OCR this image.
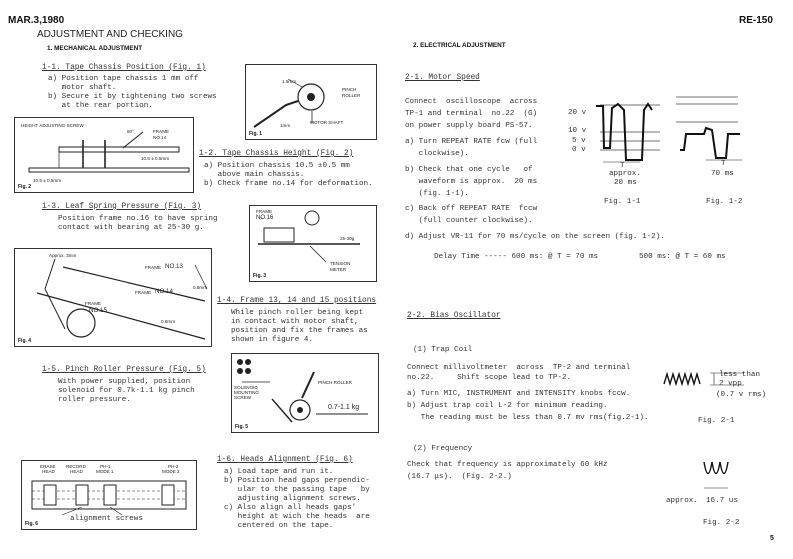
MAR.3,1980	RE-150
5
ADJUSTMENT AND CHECKING
1. MECHANICAL ADJUSTMENT
1-1. Tape Chassis Position (Fig. 1)
a) Position tape chassis 1 mm off
motor shaft.
b) Secure it by tightening two screws
at the rear portion.
1.5mm
PINCH
ROLLER
1mm
MOTOR SHAFT
Fig. 1
HEIGHT ADJUSTING SCREW
FRAME
NO.14
80°
10.5 ± 0.5mm
10.5 ± 0.5mm
Fig. 2
1-2. Tape Chassis Height (Fig. 2)
a) Position chassis 10.5 ±0.5 mm
above main chassis.
b) Check frame no.14 for deformation.
1-3. Leaf Spring Pressure (Fig. 3)
Position frame no.16 to have spring
contact with bearing at 25-30 g.
FRAME
NO.16
25-30g
TENSION
METER
Fig. 3
Approx. 3mm
FRAME NO.13
FRAME NO.14
FRAME
NO.15
0.8mm
0.8mm
Fig. 4
1-4. Frame 13, 14 and 15 positions
While pinch roller being kept
in contact with motor shaft,
position and fix the frames as
shown in figure 4.
1-5. Pinch Roller Pressure (Fig. 5)
With power supplied, position
solenoid for 0.7k-1.1 kg pinch
roller pressure.
PINCH ROLLER
SOLENOID
MOUNTING
SCREW
0.7-1.1 kg
Fig. 5
1-6. Heads Alignment (Fig. 6)
a) Load tape and run it.
b) Position head gaps perpendic-
ular to the passing tape   by
adjusting alignment screws.
c) Also align all heads gaps'
height at wich the heads  are
centered on the tape.
ERASE
HEAD
RECORD
HEAD
PH-1
MODE 1
PH-2
MODE 2
alignment screws
Fig. 6
2. ELECTRICAL ADJUSTMENT
2-1. Motor Speed
Connect  oscilloscope  across
TP-1 and terminal  no.22  (G)
on power supply board PS-57.
a) Turn REPEAT RATE fcw (full
clockwise).
b) Check that one cycle   of
waveform is approx.  20 ms
(fig. 1-1).
c) Back off REPEAT RATE  fccw
(full counter clockwise).
d) Adjust VR-11 for 70 ms/cycle on the screen (fig. 1-2).
Delay Time ----- 600 ms: @ T = 70 ms	500 ms: @ T = 60 ms
20 v
10 v
5 v
0 v
T
approx.
20 ms
Fig. 1-1
T
70 ms
Fig. 1-2
2-2. Bias Oscillator
(1) Trap Coil
Connect millivoltmeter  across  TP-2 and terminal
no.22.     Shift scope lead to TP-2.
a) Turn MIC, INSTRUMENT and INTENSITY knobs fccw.
b) Adjust trap coil L-2 for minimum reading.
The reading must be less than 0.7 mv rms(fig.2-1).
less than
2 vpp
(0.7 v rms)
Fig. 2-1
(2) Frequency
Check that frequency is approximately 60 kHz
(16.7 μs).  (Fig. 2-2.)
approx. 16.7 us
Fig. 2-2
